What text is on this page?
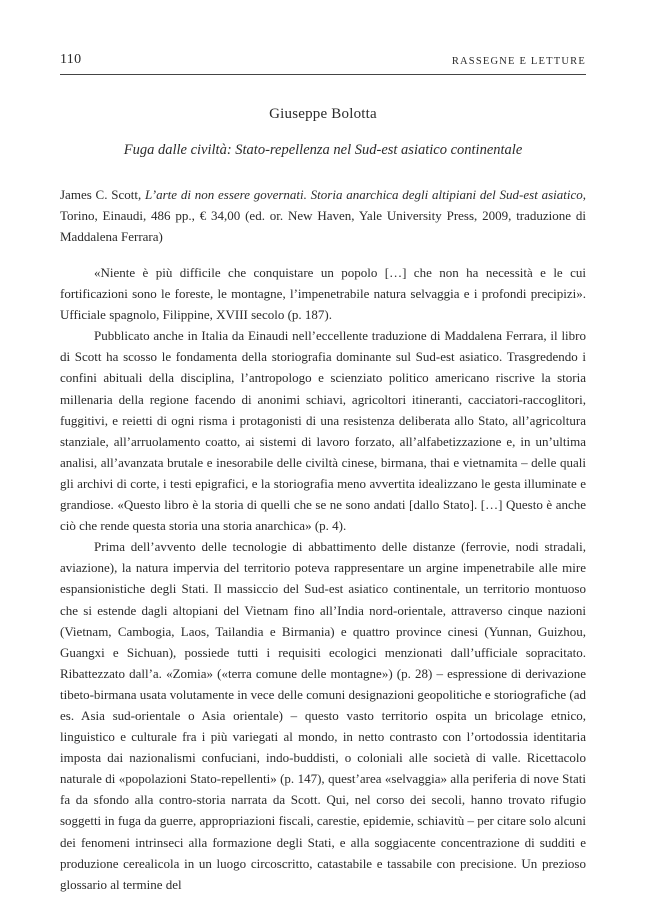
110	RASSEGNE E LETTURE
Giuseppe Bolotta
Fuga dalle civiltà: Stato-repellenza nel Sud-est asiatico continentale
James C. Scott, L’arte di non essere governati. Storia anarchica degli altipiani del Sud-est asiatico, Torino, Einaudi, 486 pp., € 34,00 (ed. or. New Haven, Yale University Press, 2009, traduzione di Maddalena Ferrara)

«Niente è più difficile che conquistare un popolo […] che non ha necessità e le cui fortificazioni sono le foreste, le montagne, l’impenetrabile natura selvaggia e i profondi precipizi». Ufficiale spagnolo, Filippine, XVIII secolo (p. 187).

Pubblicato anche in Italia da Einaudi nell’eccellente traduzione di Maddalena Ferrara, il libro di Scott ha scosso le fondamenta della storiografia dominante sul Sud-est asiatico. Trasgredendo i confini abituali della disciplina, l’antropologo e scienziato politico americano riscrive la storia millenaria della regione facendo di anonimi schiavi, agricoltori itineranti, cacciatori-raccoglitori, fuggitivi, e reietti di ogni risma i protagonisti di una resistenza deliberata allo Stato, all’agricoltura stanziale, all’arruolamento coatto, ai sistemi di lavoro forzato, all’alfabetizzazione e, in un’ultima analisi, all’avanzata brutale e inesorabile delle civiltà cinese, birmana, thai e vietnamita – delle quali gli archivi di corte, i testi epigrafici, e la storiografia meno avvertita idealizzano le gesta illuminate e grandiose. «Questo libro è la storia di quelli che se ne sono andati [dallo Stato]. […] Questo è anche ciò che rende questa storia una storia anarchica» (p. 4).

Prima dell’avvento delle tecnologie di abbattimento delle distanze (ferrovie, nodi stradali, aviazione), la natura impervia del territorio poteva rappresentare un argine impenetrabile alle mire espansionistiche degli Stati. Il massiccio del Sud-est asiatico continentale, un territorio montuoso che si estende dagli altopiani del Vietnam fino all’India nord-orientale, attraverso cinque nazioni (Vietnam, Cambogia, Laos, Tailandia e Birmania) e quattro province cinesi (Yunnan, Guizhou, Guangxi e Sichuan), possiede tutti i requisiti ecologici menzionati dall’ufficiale sopracitato. Ribattezzato dall’a. «Zomia» («terra comune delle montagne») (p. 28) – espressione di derivazione tibeto-birmana usata volutamente in vece delle comuni designazioni geopolitiche e storiografiche (ad es. Asia sud-orientale o Asia orientale) – questo vasto territorio ospita un bricolage etnico, linguistico e culturale fra i più variegati al mondo, in netto contrasto con l’ortodossia identitaria imposta dai nazionalismi confuciani, indo-buddisti, o coloniali alle società di valle. Ricettacolo naturale di «popolazioni Stato-repellenti» (p. 147), quest’area «selvaggia» alla periferia di nove Stati fa da sfondo alla contro-storia narrata da Scott. Qui, nel corso dei secoli, hanno trovato rifugio soggetti in fuga da guerre, appropriazioni fiscali, carestie, epidemie, schiavitù – per citare solo alcuni dei fenomeni intrinseci alla formazione degli Stati, e alla soggiacente concentrazione di sudditi e produzione cerealicola in un luogo circoscritto, catastabile e tassabile con precisione. Un prezioso glossario al termine del
